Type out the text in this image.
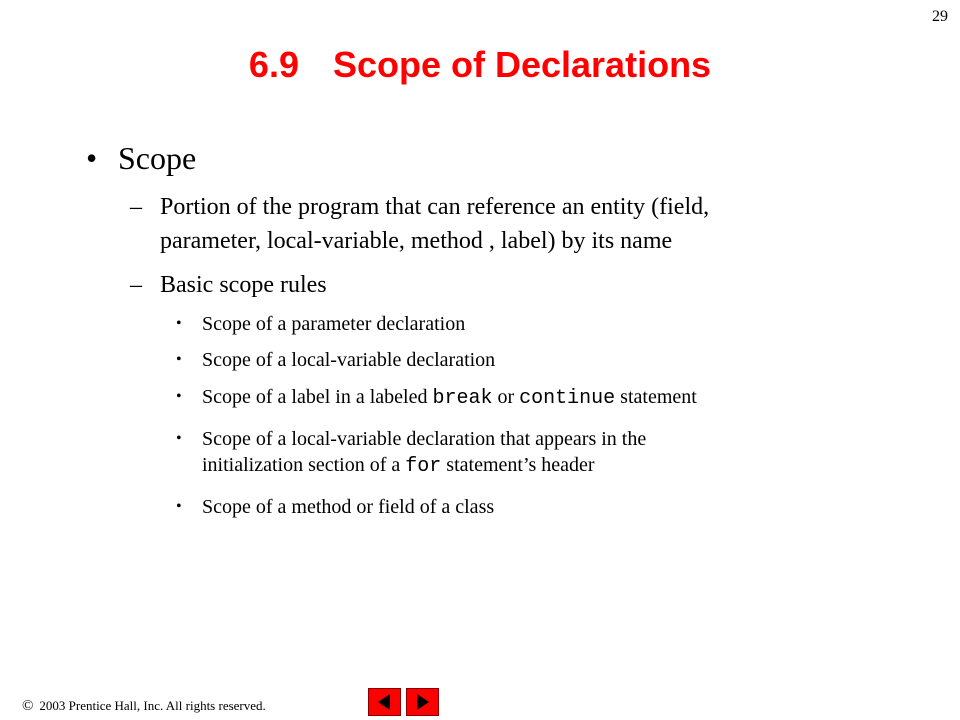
29
6.9 Scope of Declarations
• Scope
– Portion of the program that can reference an entity (field,
parameter, local-variable, method , label) by its name
– Basic scope rules
• Scope of a parameter declaration
• Scope of a local-variable declaration
• Scope of a label in a labeled break or continue statement
• Scope of a local-variable declaration that appears in the
initialization section of a for statement’s header
• Scope of a method or field of a class
© 2003 Prentice Hall, Inc. All rights reserved.
